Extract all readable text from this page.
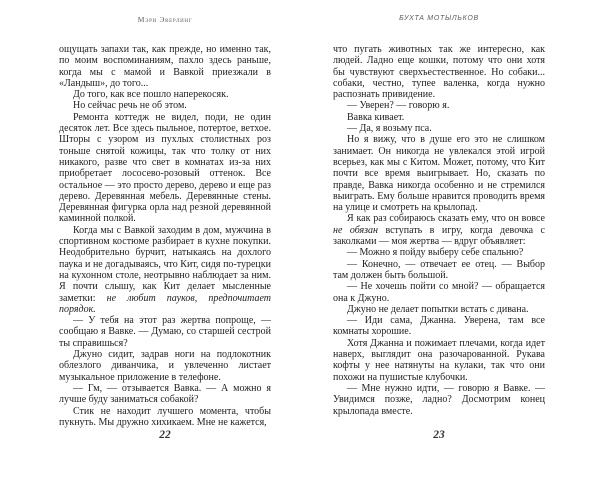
Мэри Эверлинг

ощущать запахи так, как прежде, но именно так, по моим воспоминаниям, пахло здесь раньше, когда мы с мамой и Вавкой приезжали в «Ландыш», до того...

До того, как все пошло наперекосяк.

Но сейчас речь не об этом.

Ремонта коттедж не видел, поди, не один десяток лет. Все здесь пыльное, потертое, ветхое. Шторы с узором из пухлых столистных роз тоньше снятой кожицы, так что толку от них никакого, разве что свет в комнатах из-за них приобретает лососево-розовый оттенок. Все остальное — это просто дерево, дерево и еще раз дерево. Деревянная мебель. Деревянные стены. Деревянная фигурка орла над резной деревянной каминной полкой.

Когда мы с Вавкой заходим в дом, мужчина в спортивном костюме разбирает в кухне покупки. Неодобрительно бурчит, натыкаясь на дохлого паука и не догадываясь, что Кит, сидя по-турецки на кухонном столе, неотрывно наблюдает за ним. Я почти слышу, как Кит делает мысленные заметки: не любит пауков, предпочитает порядок.

— У тебя на этот раз жертва попроще, — сообщаю я Вавке. — Думаю, со старшей сестрой ты справишься?

Джуно сидит, задрав ноги на подлокотник облезлого диванчика, и увлеченно листает музыкальное приложение в телефоне.

— Гм, — отзывается Вавка. — А можно я лучше буду заниматься собакой?

Стик не находит лучшего момента, чтобы пукнуть. Мы дружно хихикаем. Мне не кажется,

22
БУХТА МОТЫЛЬКОВ

что пугать животных так же интересно, как людей. Ладно еще кошки, потому что они хотя бы чувствуют сверхъестественное. Но собаки... собаки, честно, тупее валенка, когда нужно распознать привидение.

— Уверен? — говорю я.

Вавка кивает.

— Да, я возьму пса.

Но я вижу, что в душе его это не слишком занимает. Он никогда не увлекался этой игрой всерьез, как мы с Китом. Может, потому, что Кит почти все время выигрывает. Но, сказать по правде, Вавка никогда особенно и не стремился выиграть. Ему больше нравится проводить время на улице и смотреть на крылопад.

Я как раз собираюсь сказать ему, что он вовсе не обязан вступать в игру, когда девочка с заколками — моя жертва — вдруг объявляет:

— Можно я пойду выберу себе спальню?

— Конечно, — отвечает ее отец. — Выбор там должен быть большой.

— Не хочешь пойти со мной? — обращается она к Джуно.

Джуно не делает попытки встать с дивана.

— Иди сама, Джанна. Уверена, там все комнаты хорошие.

Хотя Джанна и пожимает плечами, когда идет наверх, выглядит она разочарованной. Рукава кофты у нее натянуты на кулаки, так что они похожи на пушистые клубочки.

— Мне нужно идти, — говорю я Вавке. — Увидимся позже, ладно? Досмотрим конец крылопада вместе.

23
